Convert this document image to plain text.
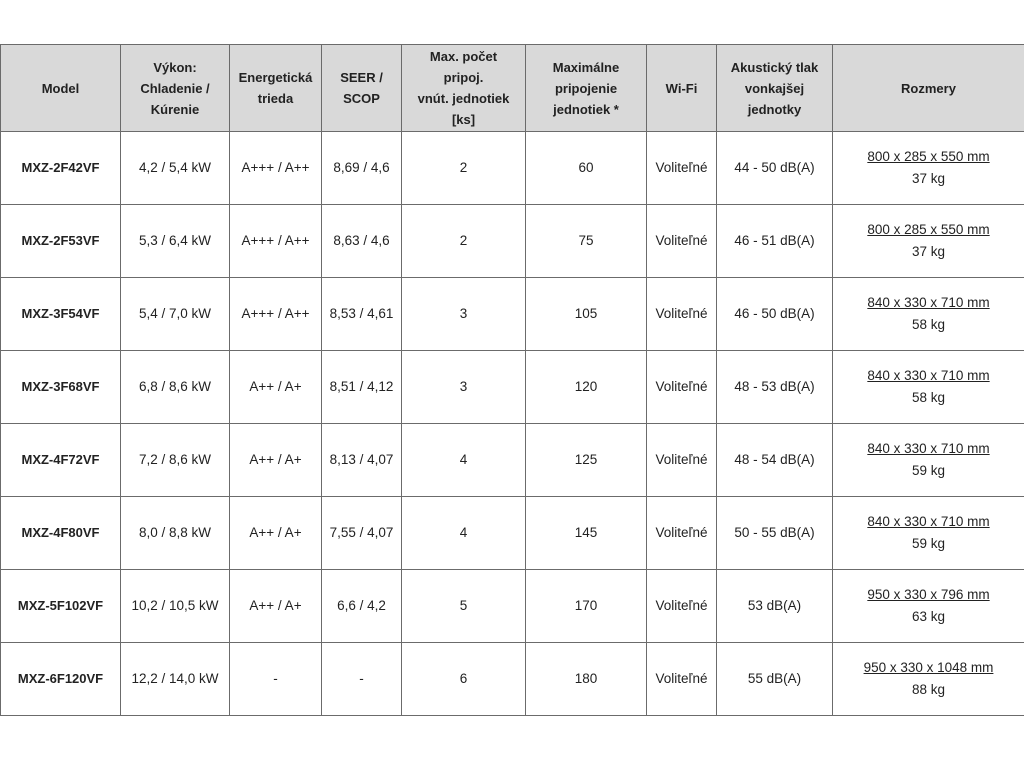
Model	Výkon:
Chladenie /
Kúrenie	Energetická
trieda	SEER /
SCOP	Max. počet
pripoj.
vnút. jednotiek
[ks]	Maximálne
pripojenie
jednotiek *	Wi-Fi	Akustický tlak
vonkajšej
jednotky	Rozmery

MXZ-2F42VF	4,2 / 5,4 kW	A+++ / A++	8,69 / 4,6	2	60	Voliteľné	44 - 50 dB(A)	800 x 285 x 550 mm
37 kg

MXZ-2F53VF	5,3 / 6,4 kW	A+++ / A++	8,63 / 4,6	2	75	Voliteľné	46 - 51 dB(A)	800 x 285 x 550 mm
37 kg

MXZ-3F54VF	5,4 / 7,0 kW	A+++ / A++	8,53 / 4,61	3	105	Voliteľné	46 - 50 dB(A)	840 x 330 x 710 mm
58 kg

MXZ-3F68VF	6,8 / 8,6 kW	A++ / A+	8,51 / 4,12	3	120	Voliteľné	48 - 53 dB(A)	840 x 330 x 710 mm
58 kg

MXZ-4F72VF	7,2 / 8,6 kW	A++ / A+	8,13 / 4,07	4	125	Voliteľné	48 - 54 dB(A)	840 x 330 x 710 mm
59 kg

MXZ-4F80VF	8,0 / 8,8 kW	A++ / A+	7,55 / 4,07	4	145	Voliteľné	50 - 55 dB(A)	840 x 330 x 710 mm
59 kg

MXZ-5F102VF	10,2 / 10,5 kW	A++ / A+	6,6 / 4,2	5	170	Voliteľné	53 dB(A)	950 x 330 x 796 mm
63 kg

MXZ-6F120VF	12,2 / 14,0 kW	-	-	6	180	Voliteľné	55 dB(A)	950 x 330 x 1048 mm
88 kg
